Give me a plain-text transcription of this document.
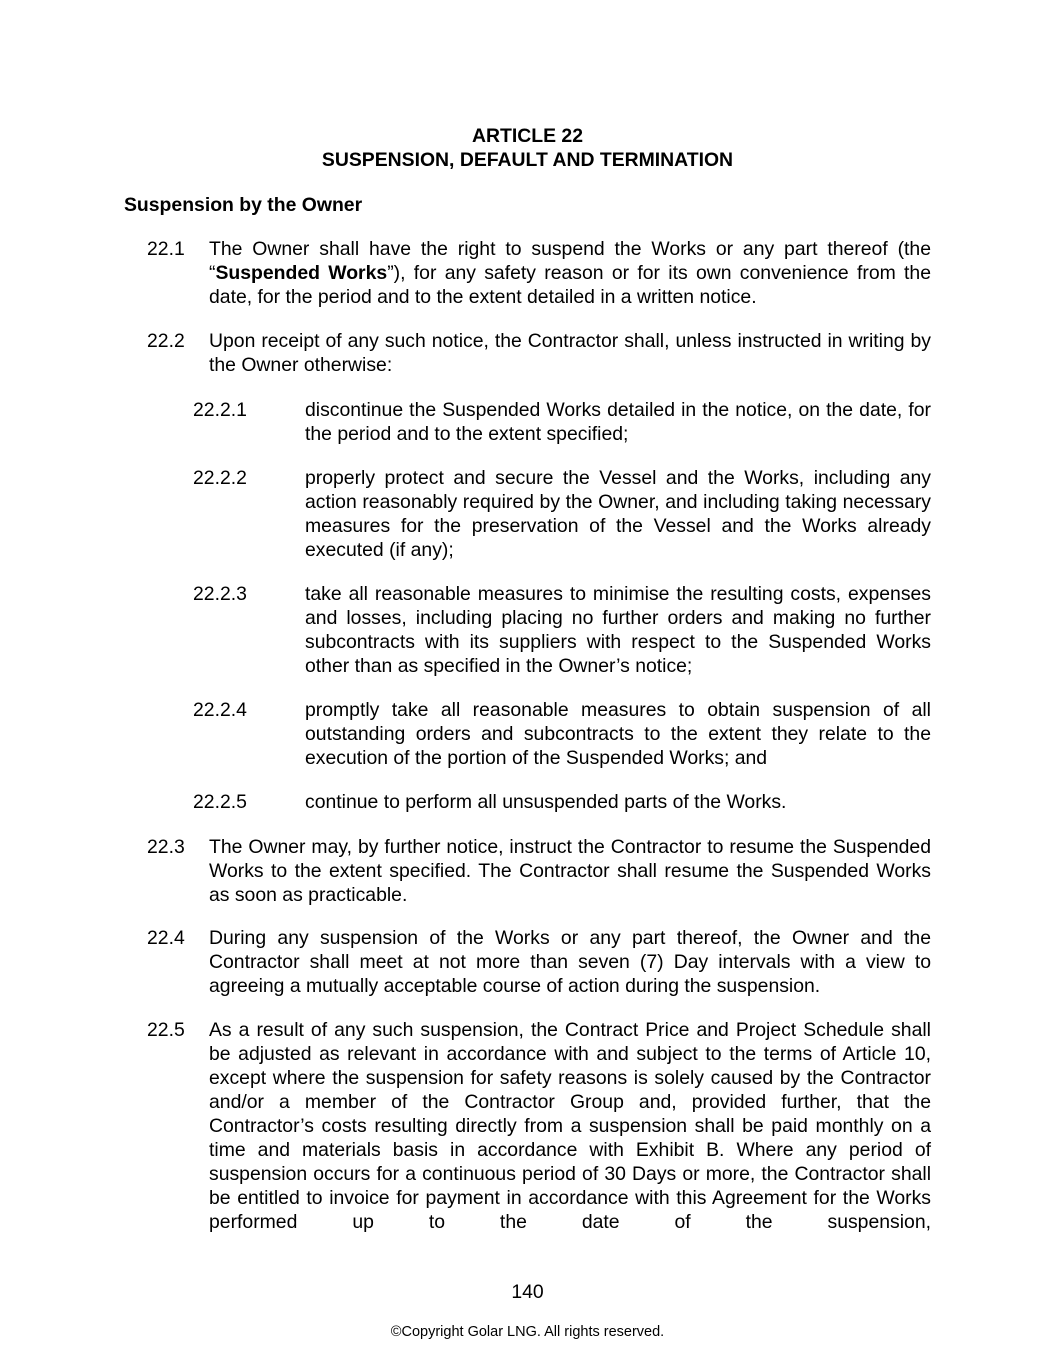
ARTICLE 22

SUSPENSION, DEFAULT AND TERMINATION

Suspension by the Owner

22.1 The Owner shall have the right to suspend the Works or any part thereof (the “Suspended Works”), for any safety reason or for its own convenience from the date, for the period and to the extent detailed in a written notice.
22.2 Upon receipt of any such notice, the Contractor shall, unless instructed in writing by the Owner otherwise:
22.2.1	discontinue the Suspended Works detailed in the notice, on the date, for the period and to the extent specified;
22.2.2	properly protect and secure the Vessel and the Works, including any action reasonably required by the Owner, and including taking necessary measures for the preservation of the Vessel and the Works already executed (if any);
22.2.3	take all reasonable measures to minimise the resulting costs, expenses and losses, including placing no further orders and making no further subcontracts with its suppliers with respect to the Suspended Works other than as specified in the Owner’s notice;
22.2.4	promptly take all reasonable measures to obtain suspension of all outstanding orders and subcontracts to the extent they relate to the execution of the portion of the Suspended Works; and
22.2.5	continue to perform all unsuspended parts of the Works.
22.3 The Owner may, by further notice, instruct the Contractor to resume the Suspended Works to the extent specified. The Contractor shall resume the Suspended Works as soon as practicable.
22.4 During any suspension of the Works or any part thereof, the Owner and the Contractor shall meet at not more than seven (7) Day intervals with a view to agreeing a mutually acceptable course of action during the suspension.
22.5 As a result of any such suspension, the Contract Price and Project Schedule shall be adjusted as relevant in accordance with and subject to the terms of Article 10, except where the suspension for safety reasons is solely caused by the Contractor and/or a member of the Contractor Group and, provided further, that the Contractor’s costs resulting directly from a suspension shall be paid monthly on a time and materials basis in accordance with Exhibit B. Where any period of suspension occurs for a continuous period of 30 Days or more, the Contractor shall be entitled to invoice for payment in accordance with this Agreement for the Works performed up to the date of the suspension,

140

©Copyright Golar LNG. All rights reserved.
